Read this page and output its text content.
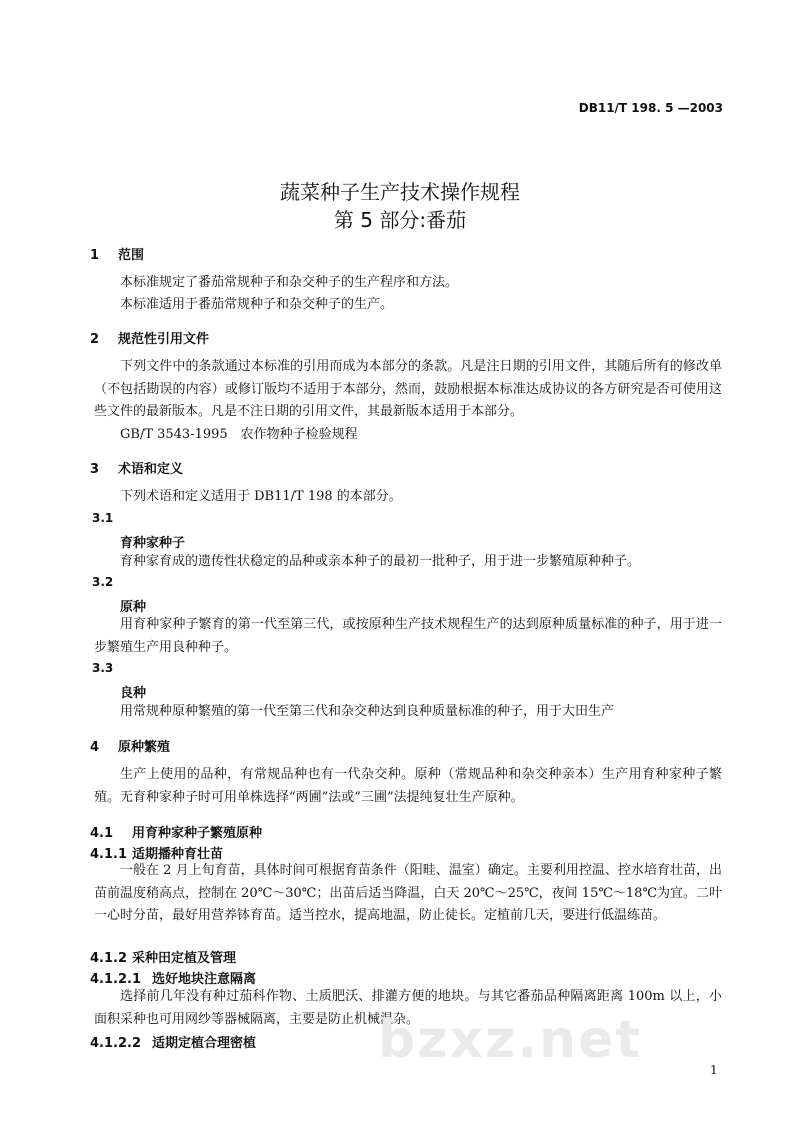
DB11/T 198. 5 —2003
蔬菜种子生产技术操作规程
第 5 部分:番茄
1 范围
本标准规定了番茄常规种子和杂交种子的生产程序和方法。
本标准适用于番茄常规种子和杂交种子的生产。
2 规范性引用文件
下列文件中的条款通过本标准的引用而成为本部分的条款。凡是注日期的引用文件，其随后所有的修改单（不包括勘误的内容）或修订版均不适用于本部分，然而，鼓励根据本标准达成协议的各方研究是否可使用这些文件的最新版本。凡是不注日期的引用文件，其最新版本适用于本部分。
GB/T 3543-1995　农作物种子检验规程
3 术语和定义
下列术语和定义适用于 DB11/T 198 的本部分。
3.1
育种家种子
育种家育成的遗传性状稳定的品种或亲本种子的最初一批种子，用于进一步繁殖原种种子。
3.2
原种
用育种家种子繁育的第一代至第三代，或按原种生产技术规程生产的达到原种质量标准的种子，用于进一步繁殖生产用良种种子。
3.3
良种
用常规种原种繁殖的第一代至第三代和杂交种达到良种质量标准的种子，用于大田生产
4 原种繁殖
生产上使用的品种，有常规品种也有一代杂交种。原种（常规品种和杂交种亲本）生产用育种家种子繁殖。无育种家种子时可用单株选择“两圃”法或“三圃”法提纯复壮生产原种。
4.1 用育种家种子繁殖原种
4.1.1 适期播种育壮苗
一般在 2 月上旬育苗，具体时间可根据育苗条件（阳畦、温室）确定。主要利用控温、控水培育壮苗，出苗前温度稍高点，控制在 20℃～30℃；出苗后适当降温，白天 20℃～25℃，夜间 15℃～18℃为宜。二叶一心时分苗，最好用营养钵育苗。适当控水，提高地温，防止徒长。定植前几天，要进行低温练苗。
4.1.2 采种田定植及管理
4.1.2.1 选好地块注意隔离
选择前几年没有种过茄科作物、土质肥沃、排灌方便的地块。与其它番茄品种隔离距离 100m 以上，小面积采种也可用网纱等器械隔离，主要是防止机械混杂。
4.1.2.2 适期定植合理密植 bzxz.net	1
